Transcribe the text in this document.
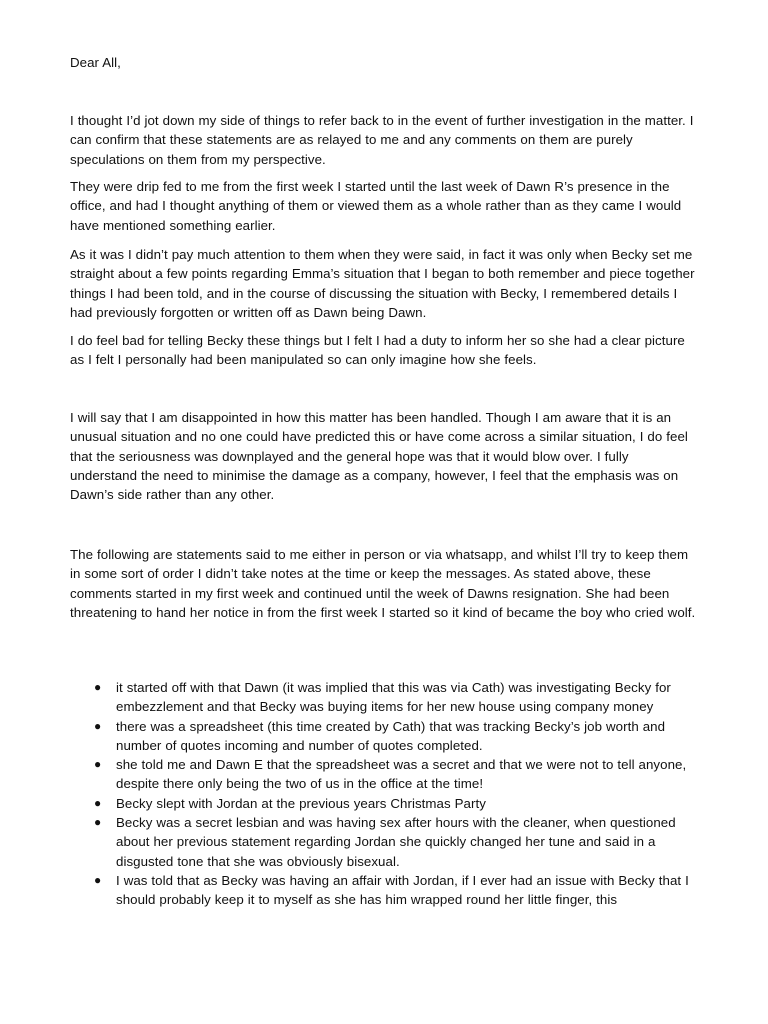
Dear All,

I thought I’d jot down my side of things to refer back to in the event of further investigation in the matter. I can confirm that these statements are as relayed to me and any comments on them are purely speculations on them from my perspective.

They were drip fed to me from the first week I started until the last week of Dawn R’s presence in the office, and had I thought anything of them or viewed them as a whole rather than as they came I would have mentioned something earlier.

As it was I didn’t pay much attention to them when they were said, in fact it was only when Becky set me straight about a few points regarding Emma’s situation that I began to both remember and piece together things I had been told, and in the course of discussing the situation with Becky, I remembered details I had previously forgotten or written off as Dawn being Dawn.

I do feel bad for telling Becky these things but I felt I had a duty to inform her so she had a clear picture as I felt I personally had been manipulated so can only imagine how she feels.

I will say that I am disappointed in how this matter has been handled. Though I am aware that it is an unusual situation and no one could have predicted this or have come across a similar situation, I do feel that the seriousness was downplayed and the general hope was that it would blow over. I fully understand the need to minimise the damage as a company, however, I feel that the emphasis was on Dawn’s side rather than any other.

The following are statements said to me either in person or via whatsapp, and whilst I’ll try to keep them in some sort of order I didn’t take notes at the time or keep the messages. As stated above, these comments started in my first week and continued until the week of Dawns resignation. She had been threatening to hand her notice in from the first week I started so it kind of became the boy who cried wolf.

● it started off with that Dawn (it was implied that this was via Cath) was investigating Becky for embezzlement and that Becky was buying items for her new house using company money
● there was a spreadsheet (this time created by Cath) that was tracking Becky’s job worth and number of quotes incoming and number of quotes completed.
● she told me and Dawn E that the spreadsheet was a secret and that we were not to tell anyone, despite there only being the two of us in the office at the time!
● Becky slept with Jordan at the previous years Christmas Party
● Becky was a secret lesbian and was having sex after hours with the cleaner, when questioned about her previous statement regarding Jordan she quickly changed her tune and said in a disgusted tone that she was obviously bisexual.
● I was told that as Becky was having an affair with Jordan, if I ever had an issue with Becky that I should probably keep it to myself as she has him wrapped round her little finger, this
